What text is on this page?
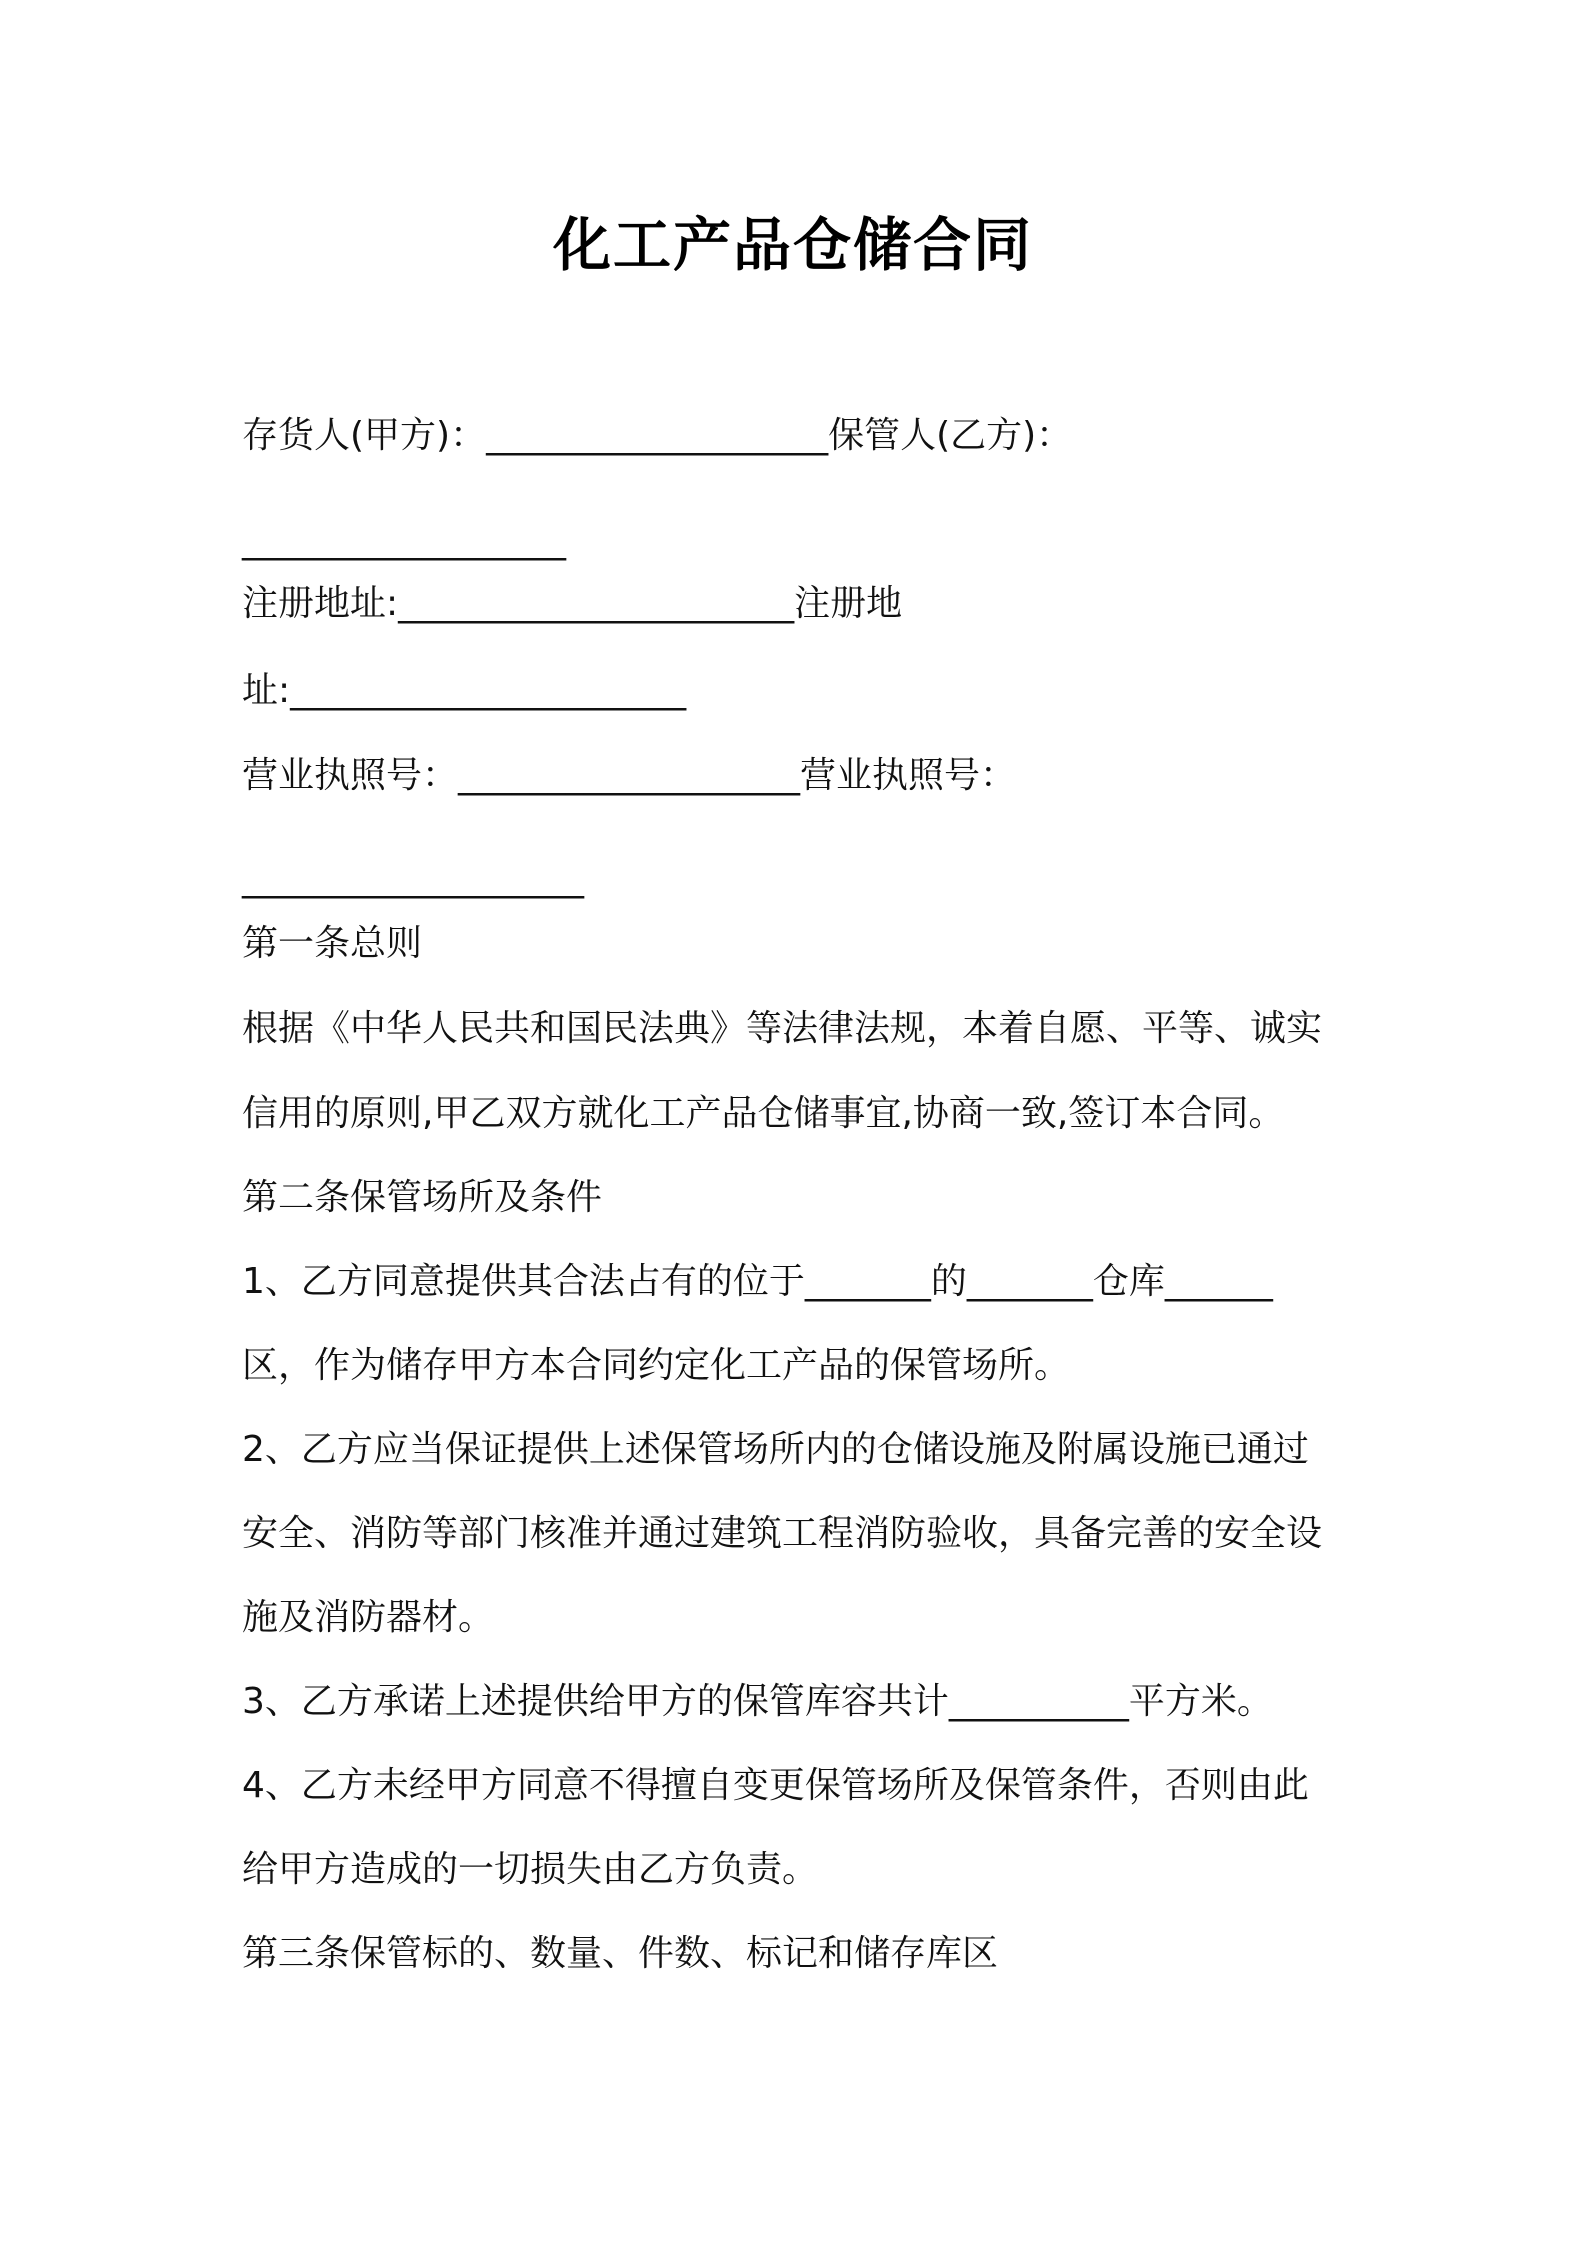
化工产品仓储合同
存货人(甲方)：___________________保管人(乙方)：
__________________
注册地址:______________________注册地
址:______________________
营业执照号：___________________营业执照号：
___________________
第一条总则
根据《中华人民共和国民法典》等法律法规，本着自愿、平等、诚实
信用的原则,甲乙双方就化工产品仓储事宜,协商一致,签订本合同。
第二条保管场所及条件
1、乙方同意提供其合法占有的位于_______的_______仓库______
区，作为储存甲方本合同约定化工产品的保管场所。
2、乙方应当保证提供上述保管场所内的仓储设施及附属设施已通过
安全、消防等部门核准并通过建筑工程消防验收，具备完善的安全设
施及消防器材。
3、乙方承诺上述提供给甲方的保管库容共计__________平方米。
4、乙方未经甲方同意不得擅自变更保管场所及保管条件，否则由此
给甲方造成的一切损失由乙方负责。
第三条保管标的、数量、件数、标记和储存库区
